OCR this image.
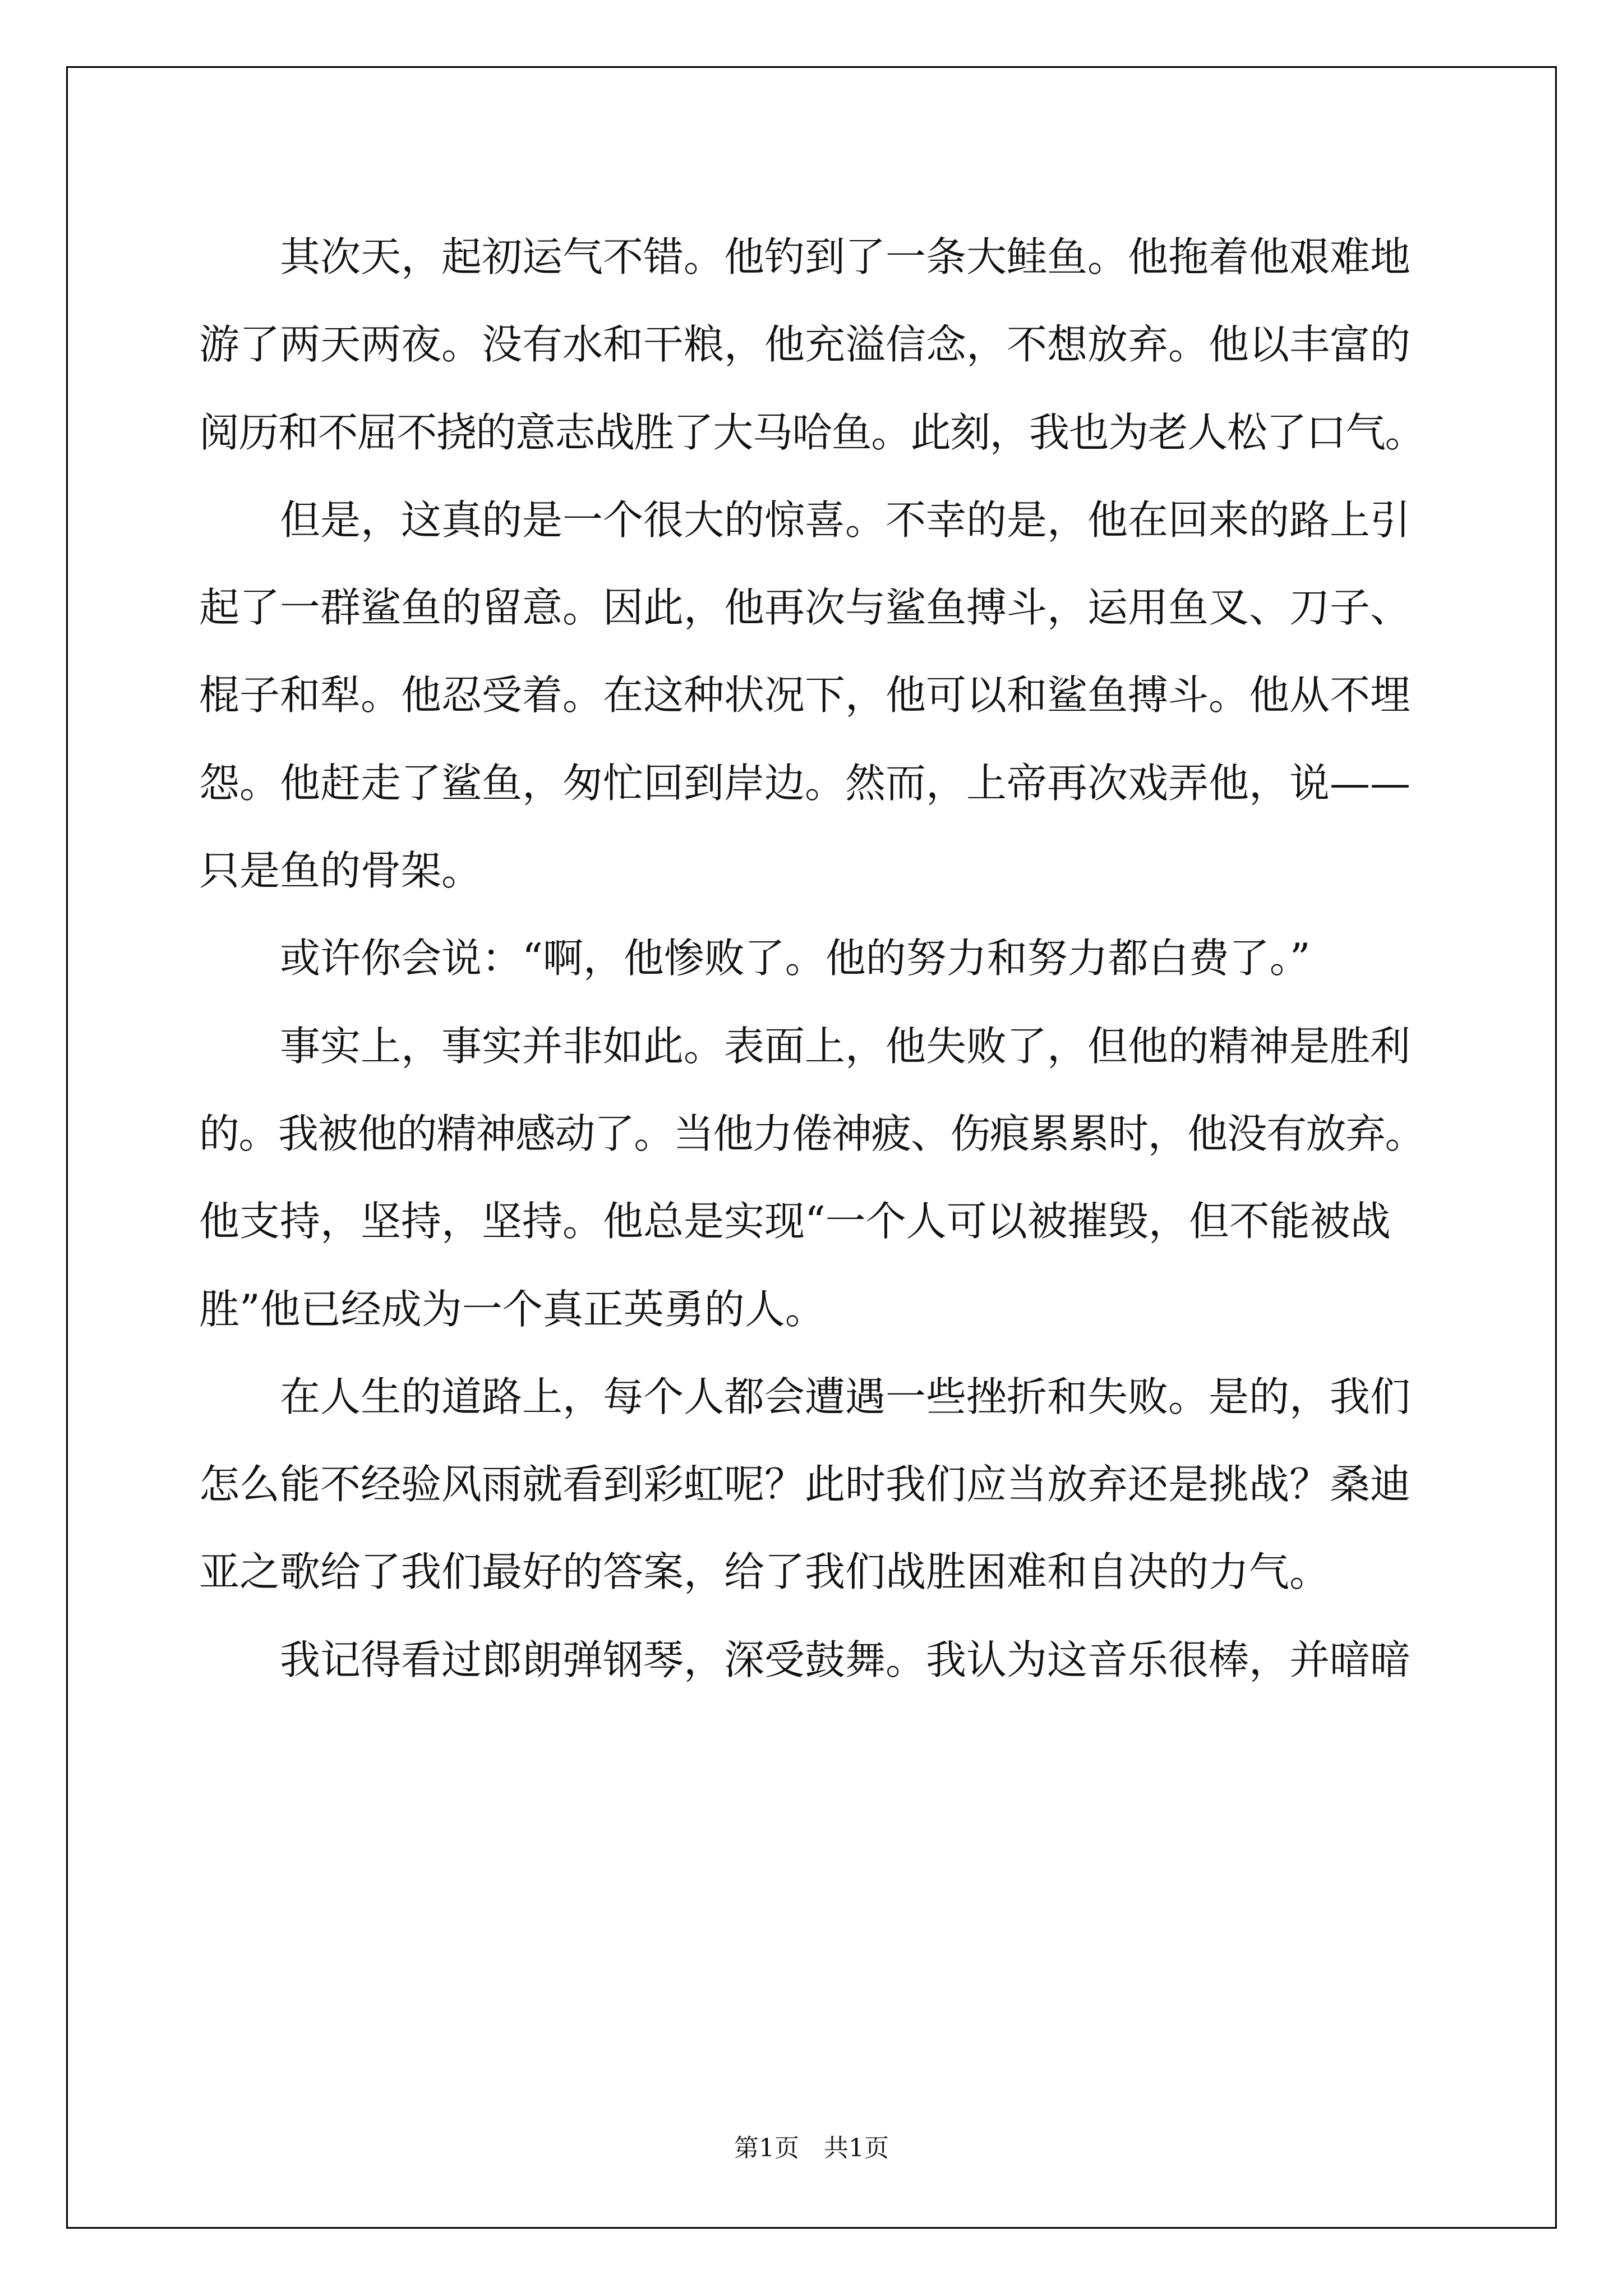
其次天，起初运气不错。他钓到了一条大鲑鱼。他拖着他艰难地
游了两天两夜。没有水和干粮，他充溢信念，不想放弃。他以丰富的
阅历和不屈不挠的意志战胜了大马哈鱼。此刻，我也为老人松了口气。
但是，这真的是一个很大的惊喜。不幸的是，他在回来的路上引
起了一群鲨鱼的留意。因此，他再次与鲨鱼搏斗，运用鱼叉、刀子、
棍子和犁。他忍受着。在这种状况下，他可以和鲨鱼搏斗。他从不埋
怨。他赶走了鲨鱼，匆忙回到岸边。然而，上帝再次戏弄他，说——
只是鱼的骨架。
或许你会说：“啊，他惨败了。他的努力和努力都白费了。”
事实上，事实并非如此。表面上，他失败了，但他的精神是胜利
的。我被他的精神感动了。当他力倦神疲、伤痕累累时，他没有放弃。
他支持，坚持，坚持。他总是实现“一个人可以被摧毁，但不能被战
胜”他已经成为一个真正英勇的人。
在人生的道路上，每个人都会遭遇一些挫折和失败。是的，我们
怎么能不经验风雨就看到彩虹呢？此时我们应当放弃还是挑战？桑迪
亚之歌给了我们最好的答案，给了我们战胜困难和自决的力气。
我记得看过郎朗弹钢琴，深受鼓舞。我认为这音乐很棒，并暗暗
第1页　共1页
